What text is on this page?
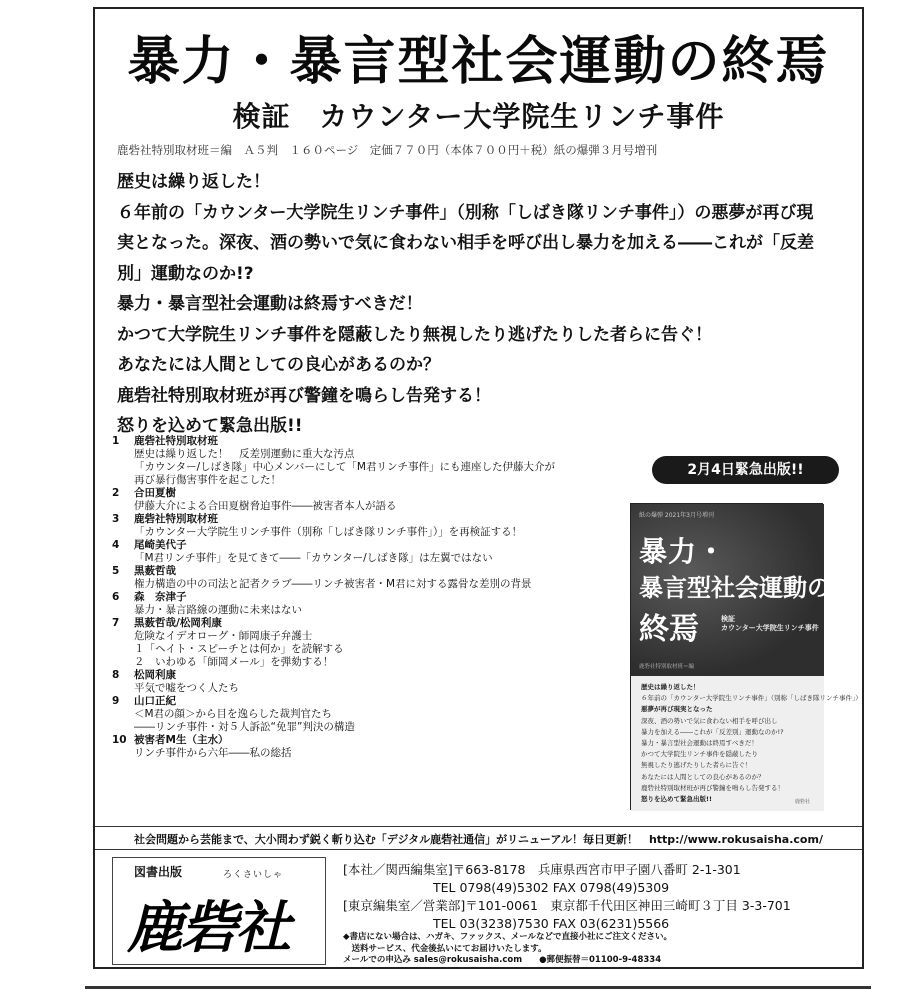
暴力・暴言型社会運動の終焉
検証　カウンター大学院生リンチ事件
鹿砦社特別取材班＝編　Ａ５判　１６０ページ　定価７７０円（本体７００円＋税）紙の爆弾３月号増刊

歴史は繰り返した！

６年前の「カウンター大学院生リンチ事件」（別称「しばき隊リンチ事件」）の悪夢が再び現

実となった。深夜、酒の勢いで気に食わない相手を呼び出し暴力を加える――これが「反差

別」運動なのか!?

暴力・暴言型社会運動は終焉すべきだ！

かつて大学院生リンチ事件を隠蔽したり無視したり逃げたりした者らに告ぐ！

あなたには人間としての良心があるのか？

鹿砦社特別取材班が再び警鐘を鳴らし告発する！

怒りを込めて緊急出版!!

1	鹿砦社特別取材班
歴史は繰り返した！　反差別運動に重大な汚点
「カウンター/しばき隊」中心メンバーにして「M君リンチ事件」にも連座した伊藤大介が
再び暴行傷害事件を起こした！
2	合田夏樹
伊藤大介による合田夏樹脅迫事件――被害者本人が語る
3	鹿砦社特別取材班
「カウンター大学院生リンチ事件（別称「しばき隊リンチ事件」）」を再検証する！
4	尾崎美代子
「M君リンチ事件」を見てきて――「カウンター/しばき隊」は左翼ではない
5	黒薮哲哉
権力構造の中の司法と記者クラブ――リンチ被害者・M君に対する露骨な差別の背景
6	森　奈津子
暴力・暴言路線の運動に未来はない
7	黒薮哲哉/松岡利康
危険なイデオローグ・師岡康子弁護士
１「ヘイト・スピーチとは何か」を読解する
２　いわゆる「師岡メール」を弾劾する！
8	松岡利康
平気で嘘をつく人たち
9	山口正紀
＜M君の顔＞から目を逸らした裁判官たち
――リンチ事件・対５人訴訟“免罪”判決の構造
10 被害者M生（主水）
リンチ事件から六年――私の総括
2月4日緊急出版!!
紙の爆弾 2021年3月号増刊
暴力・
暴言型社会運動の
終焉	検証
カウンター大学院生リンチ事件
鹿砦社特別取材班＝編
歴史は繰り返した！
６年前の「カウンター大学院生リンチ事件」（別称「しばき隊リンチ事件」）
悪夢が再び現実となった
深夜、酒の勢いで気に食わない相手を呼び出し
暴力を加える――これが「反差別」運動なのか!?
暴力・暴言型社会運動は終焉すべきだ！
かつて大学院生リンチ事件を隠蔽したり
無視したり逃げたりした者らに告ぐ！
あなたには人間としての良心があるのか？
鹿砦社特別取材班が再び警鐘を鳴らし告発する！
怒りを込めて緊急出版!!	鹿砦社
社会問題から芸能まで、大小問わず鋭く斬り込む「デジタル鹿砦社通信」がリニューアル！毎日更新！　http://www.rokusaisha.com/
図書出版	ろくさいしゃ
鹿砦社
[本社／関西編集室]〒663-8178　兵庫県西宮市甲子園八番町 2-1-301
TEL 0798(49)5302 FAX 0798(49)5309
[東京編集室／営業部]〒101-0061　東京都千代田区神田三崎町３丁目 3-3-701
TEL 03(3238)7530 FAX 03(6231)5566
◆書店にない場合は、ハガキ、ファックス、メールなどで直接小社にご注文ください。
　送料サービス、代金後払いにてお届けいたします。
メールでの申込み sales@rokusaisha.com　　●郵便振替＝01100-9-48334
